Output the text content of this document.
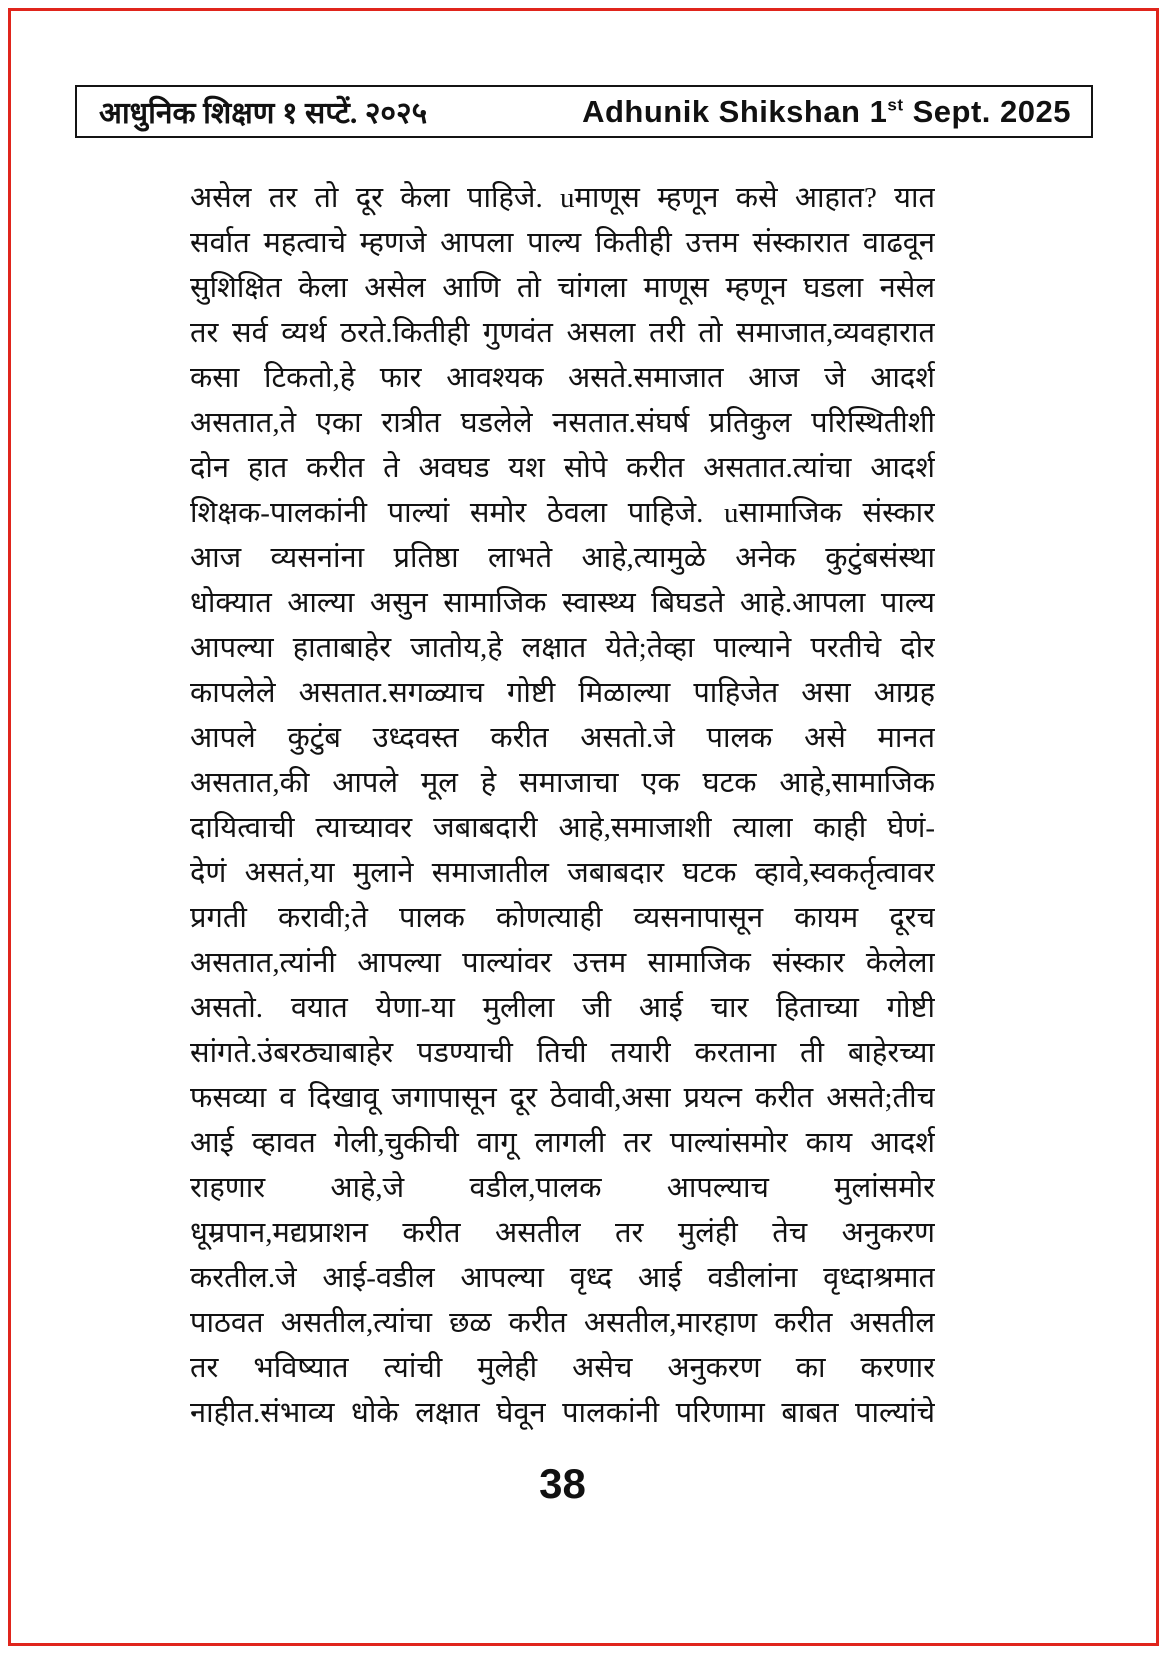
आधुनिक शिक्षण १ सप्टें. २०२५	Adhunik Shikshan 1st Sept. 2025
असेल तर तो दूर केला पाहिजे. uमाणूस म्हणून कसे आहात? यात
सर्वात महत्वाचे म्हणजे आपला पाल्य कितीही उत्तम संस्कारात वाढवून
सुशिक्षित केला असेल आणि तो चांगला माणूस म्हणून घडला नसेल
तर सर्व व्यर्थ ठरते.कितीही गुणवंत असला तरी तो समाजात,व्यवहारात
कसा टिकतो,हे फार आवश्यक असते.समाजात आज जे आदर्श
असतात,ते एका रात्रीत घडलेले नसतात.संघर्ष प्रतिकुल परिस्थितीशी
दोन हात करीत ते अवघड यश सोपे करीत असतात.त्यांचा आदर्श
शिक्षक-पालकांनी पाल्यां समोर ठेवला पाहिजे. uसामाजिक संस्कार
आज व्यसनांना प्रतिष्ठा लाभते आहे,त्यामुळे अनेक कुटुंबसंस्था
धोक्यात आल्या असुन सामाजिक स्वास्थ्य बिघडते आहे.आपला पाल्य
आपल्या हाताबाहेर जातोय,हे लक्षात येते;तेव्हा पाल्याने परतीचे दोर
कापलेले असतात.सगळ्याच गोष्टी मिळाल्या पाहिजेत असा आग्रह
आपले कुटुंब उध्दवस्त करीत असतो.जे पालक असे मानत
असतात,की आपले मूल हे समाजाचा एक घटक आहे,सामाजिक
दायित्वाची त्याच्यावर जबाबदारी आहे,समाजाशी त्याला काही घेणं-
देणं असतं,या मुलाने समाजातील जबाबदार घटक व्हावे,स्वकर्तृत्वावर
प्रगती करावी;ते पालक कोणत्याही व्यसनापासून कायम दूरच
असतात,त्यांनी आपल्या पाल्यांवर उत्तम सामाजिक संस्कार केलेला
असतो. वयात येणा-या मुलीला जी आई चार हिताच्या गोष्टी
सांगते.उंबरठ्याबाहेर पडण्याची तिची तयारी करताना ती बाहेरच्या
फसव्या व दिखावू जगापासून दूर ठेवावी,असा प्रयत्न करीत असते;तीच
आई व्हावत गेली,चुकीची वागू लागली तर पाल्यांसमोर काय आदर्श
राहणार आहे,जे वडील,पालक आपल्याच मुलांसमोर
धूम्रपान,मद्यप्राशन करीत असतील तर मुलंही तेच अनुकरण
करतील.जे आई-वडील आपल्या वृध्द आई वडीलांना वृध्दाश्रमात
पाठवत असतील,त्यांचा छळ करीत असतील,मारहाण करीत असतील
तर भविष्यात त्यांची मुलेही असेच अनुकरण का करणार
नाहीत.संभाव्य धोके लक्षात घेवून पालकांनी परिणामा बाबत पाल्यांचे
38
